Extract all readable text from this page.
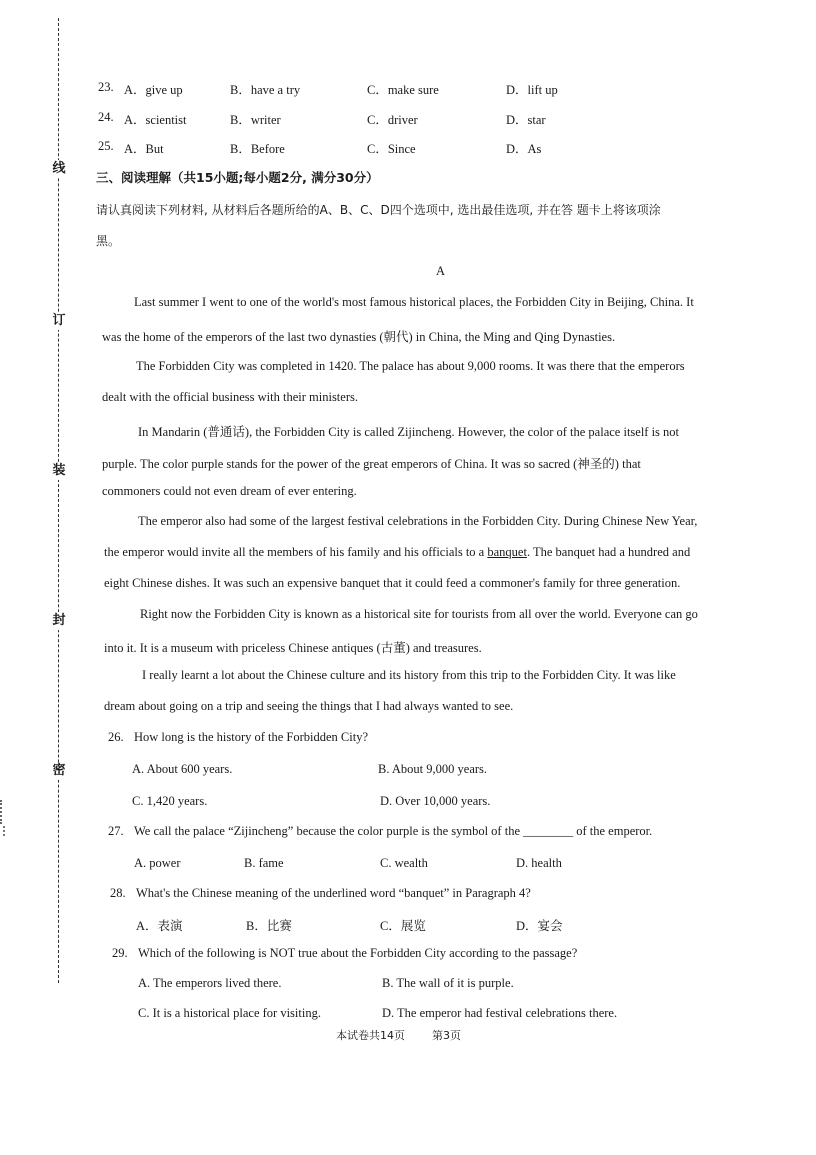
线
订
装
封
密
23. A．give up	B．have a try	C．make sure	D．lift up
24. A．scientist	B．writer	C．driver	D．star
25. A．But	B．Before	C．Since	D．As
三、阅读理解（共15小题;每小题2分, 满分30分）
请认真阅读下列材料, 从材料后各题所给的A、B、C、D四个选项中, 选出最佳选项, 并在答 题卡上将该项涂
黑。
A
Last summer I went to one of the world's most famous historical places, the Forbidden City in Beijing, China. It
was the home of the emperors of the last two dynasties (朝代) in China, the Ming and Qing Dynasties.
The Forbidden City was completed in 1420. The palace has about 9,000 rooms. It was there that the emperors
dealt with the official business with their ministers.
In Mandarin (普通话), the Forbidden City is called Zijincheng. However, the color of the palace itself is not
purple. The color purple stands for the power of the great emperors of China. It was so sacred (神圣的) that
commoners could not even dream of ever entering.
The emperor also had some of the largest festival celebrations in the Forbidden City. During Chinese New Year,
the emperor would invite all the members of his family and his officials to a banquet. The banquet had a hundred and
eight Chinese dishes. It was such an expensive banquet that it could feed a commoner's family for three generation.
Right now the Forbidden City is known as a historical site for tourists from all over the world. Everyone can go
into it. It is a museum with priceless Chinese antiques (古董) and treasures.
I really learnt a lot about the Chinese culture and its history from this trip to the Forbidden City. It was like
dream about going on a trip and seeing the things that I had always wanted to see.
26. How long is the history of the Forbidden City?
A. About 600 years.	B. About 9,000 years.
C. 1,420 years.	D. Over 10,000 years.
27. We call the palace “Zijincheng” because the color purple is the symbol of the ________ of the emperor.
A. power	B. fame	C. wealth	D. health
28. What's the Chinese meaning of the underlined word “banquet” in Paragraph 4?
A．表演	B．比赛	C．展览	D．宴会
29. Which of the following is NOT true about the Forbidden City according to the passage?
A. The emperors lived there.	B. The wall of it is purple.
C. It is a historical place for visiting.	D. The emperor had festival celebrations there.
本试卷共14页 第3页
